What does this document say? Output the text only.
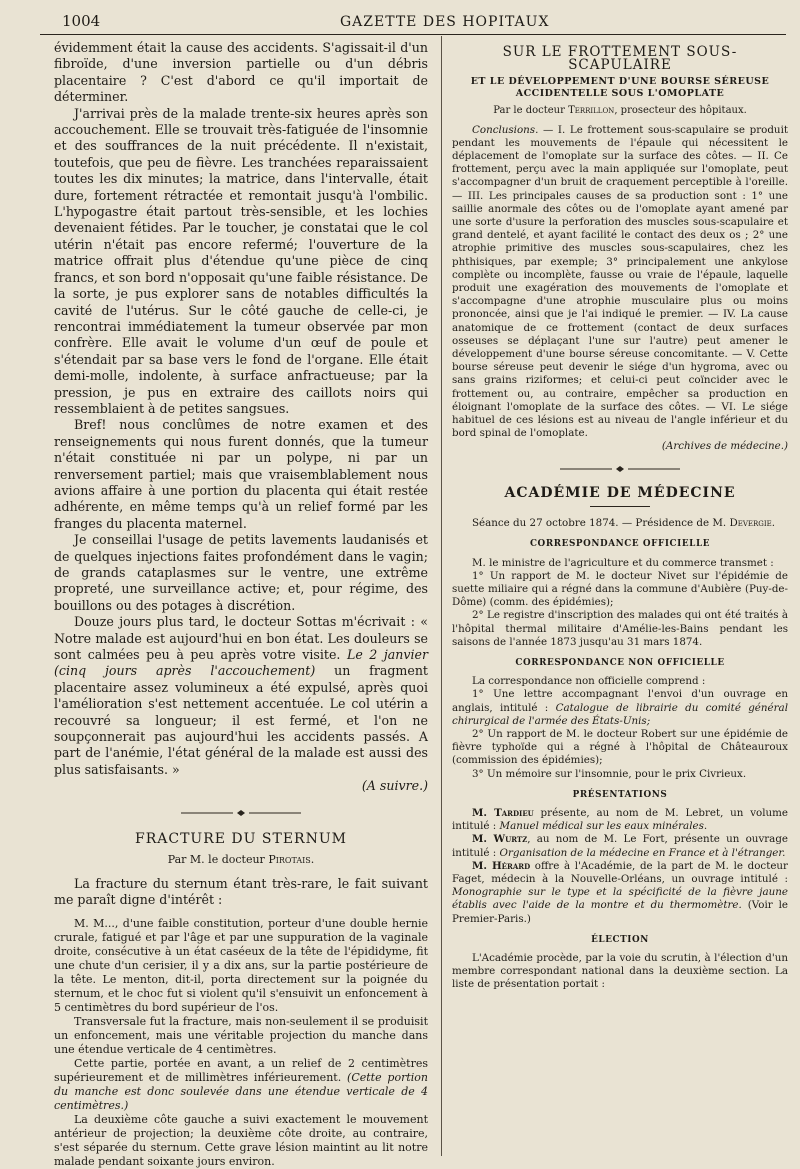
1004	GAZETTE DES HOPITAUX

évidemment était la cause des accidents. S'agissait-il d'un fibroïde, d'une inversion partielle ou d'un débris placentaire ? C'est d'abord ce qu'il importait de déterminer.

J'arrivai près de la malade trente-six heures après son accouchement. Elle se trouvait très-fatiguée de l'insomnie et des souffrances de la nuit précédente. Il n'existait, toutefois, que peu de fièvre. Les tranchées reparaissaient toutes les dix minutes; la matrice, dans l'intervalle, était dure, fortement rétractée et remontait jusqu'à l'ombilic. L'hypogastre était partout très-sensible, et les lochies devenaient fétides. Par le toucher, je constatai que le col utérin n'était pas encore refermé; l'ouverture de la matrice offrait plus d'étendue qu'une pièce de cinq francs, et son bord n'opposait qu'une faible résistance. De la sorte, je pus explorer sans de notables difficultés la cavité de l'utérus. Sur le côté gauche de celle-ci, je rencontrai immédiatement la tumeur observée par mon confrère. Elle avait le volume d'un œuf de poule et s'étendait par sa base vers le fond de l'organe. Elle était demi-molle, indolente, à surface anfractueuse; par la pression, je pus en extraire des caillots noirs qui ressemblaient à de petites sangsues.

Bref! nous conclûmes de notre examen et des renseignements qui nous furent donnés, que la tumeur n'était constituée ni par un polype, ni par un renversement partiel; mais que vraisemblablement nous avions affaire à une portion du placenta qui était restée adhérente, en même temps qu'à un relief formé par les franges du placenta maternel.

Je conseillai l'usage de petits lavements laudanisés et de quelques injections faites profondément dans le vagin; de grands cataplasmes sur le ventre, une extrême propreté, une surveillance active; et, pour régime, des bouillons ou des potages à discrétion.

Douze jours plus tard, le docteur Sottas m'écrivait : « Notre malade est aujourd'hui en bon état. Les douleurs se sont calmées peu à peu après votre visite. Le 2 janvier (cinq jours après l'accouchement) un fragment placentaire assez volumineux a été expulsé, après quoi l'amélioration s'est nettement accentuée. Le col utérin a recouvré sa longueur; il est fermé, et l'on ne soupçonnerait pas aujourd'hui les accidents passés. A part de l'anémie, l'état général de la malade est aussi des plus satisfaisants. »

(A suivre.)

FRACTURE DU STERNUM
Par M. le docteur Pirotais.

La fracture du sternum étant très-rare, le fait suivant me paraît digne d'intérêt :

M. M..., d'une faible constitution, porteur d'une double hernie crurale, fatigué et par l'âge et par une suppuration de la vaginale droite, consécutive à un état caséeux de la tête de l'épididyme, fit une chute d'un cerisier, il y a dix ans, sur la partie postérieure de la tête. Le menton, dit-il, porta directement sur la poignée du sternum, et le choc fut si violent qu'il s'ensuivit un enfoncement à 5 centimètres du bord supérieur de l'os.

Transversale fut la fracture, mais non-seulement il se produisit un enfoncement, mais une véritable projection du manche dans une étendue verticale de 4 centimètres.

Cette partie, portée en avant, a un relief de 2 centimètres supérieurement et de millimètres inférieurement. (Cette portion du manche est donc soulevée dans une étendue verticale de 4 centimètres.)

La deuxième côte gauche a suivi exactement le mouvement antérieur de projection; la deuxième côte droite, au contraire, s'est séparée du sternum. Cette grave lésion maintint au lit notre malade pendant soixante jours environ.

SUR LE FROTTEMENT SOUS-SCAPULAIRE
ET LE DÉVELOPPEMENT D'UNE BOURSE SÉREUSE ACCIDENTELLE SOUS L'OMOPLATE
Par le docteur Terrillon, prosecteur des hôpitaux.

Conclusions. — I. Le frottement sous-scapulaire se produit pendant les mouvements de l'épaule qui nécessitent le déplacement de l'omoplate sur la surface des côtes. — II. Ce frottement, perçu avec la main appliquée sur l'omoplate, peut s'accompagner d'un bruit de craquement perceptible à l'oreille. — III. Les principales causes de sa production sont : 1° une saillie anormale des côtes ou de l'omoplate ayant amené par une sorte d'usure la perforation des muscles sous-scapulaire et grand dentelé, et ayant facilité le contact des deux os ; 2° une atrophie primitive des muscles sous-scapulaires, chez les phthisiques, par exemple; 3° principalement une ankylose complète ou incomplète, fausse ou vraie de l'épaule, laquelle produit une exagération des mouvements de l'omoplate et s'accompagne d'une atrophie musculaire plus ou moins prononcée, ainsi que je l'ai indiqué le premier. — IV. La cause anatomique de ce frottement (contact de deux surfaces osseuses se déplaçant l'une sur l'autre) peut amener le développement d'une bourse séreuse concomitante. — V. Cette bourse séreuse peut devenir le siége d'un hygroma, avec ou sans grains riziformes; et celui-ci peut coïncider avec le frottement ou, au contraire, empêcher sa production en éloignant l'omoplate de la surface des côtes. — VI. Le siége habituel de ces lésions est au niveau de l'angle inférieur et du bord spinal de l'omoplate.

(Archives de médecine.)

ACADÉMIE DE MÉDECINE

Séance du 27 octobre 1874. — Présidence de M. Devergie.

CORRESPONDANCE OFFICIELLE

M. le ministre de l'agriculture et du commerce transmet :

1° Un rapport de M. le docteur Nivet sur l'épidémie de suette miliaire qui a régné dans la commune d'Aubière (Puy-de-Dôme) (comm. des épidémies);

2° Le registre d'inscription des malades qui ont été traités à l'hôpital thermal militaire d'Amélie-les-Bains pendant les saisons de l'année 1873 jusqu'au 31 mars 1874.

CORRESPONDANCE NON OFFICIELLE

La correspondance non officielle comprend :

1° Une lettre accompagnant l'envoi d'un ouvrage en anglais, intitulé : Catalogue de librairie du comité général chirurgical de l'armée des États-Unis;

2° Un rapport de M. le docteur Robert sur une épidémie de fièvre typhoïde qui a régné à l'hôpital de Châteauroux (commission des épidémies);

3° Un mémoire sur l'insomnie, pour le prix Civrieux.

PRÉSENTATIONS

M. Tardieu présente, au nom de M. Lebret, un volume intitulé : Manuel médical sur les eaux minérales.

M. Wurtz, au nom de M. Le Fort, présente un ouvrage intitulé : Organisation de la médecine en France et à l'étranger.

M. Hérard offre à l'Académie, de la part de M. le docteur Faget, médecin à la Nouvelle-Orléans, un ouvrage intitulé : Monographie sur le type et la spécificité de la fièvre jaune établis avec l'aide de la montre et du thermomètre. (Voir le Premier-Paris.)

ÉLECTION

L'Académie procède, par la voie du scrutin, à l'élection d'un membre correspondant national dans la deuxième section. La liste de présentation portait :
